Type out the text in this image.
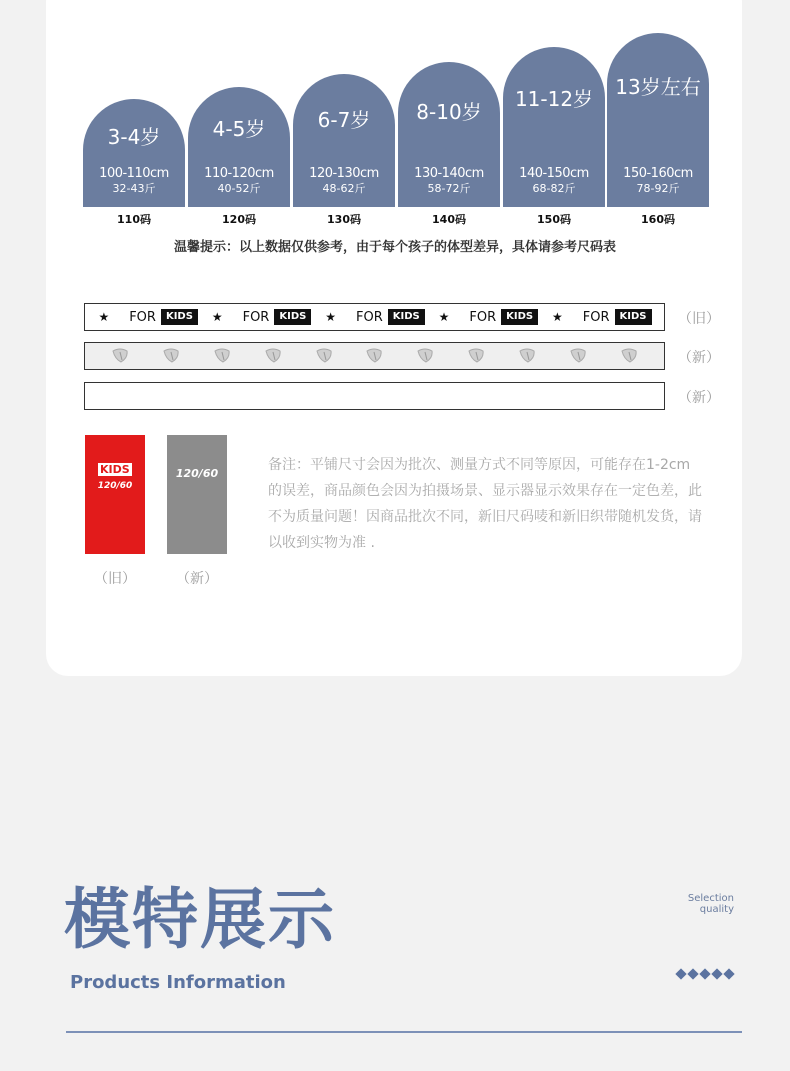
3-4岁
100-110cm
32-43斤
110码
4-5岁
110-120cm
40-52斤
120码
6-7岁
120-130cm
48-62斤
130码
8-10岁
130-140cm
58-72斤
140码
11-12岁
140-150cm
68-82斤
150码
13岁左右
150-160cm
78-92斤
160码
温馨提示：以上数据仅供参考，由于每个孩子的体型差异，具体请参考尺码表
★ FOR	KIDS	★ FOR	KIDS	★ FOR	KIDS	★ FOR	KIDS	★ FOR	KIDS （旧）
（新）
（新）
KIDS
120/60
120/60
（旧）	（新）
备注：平铺尺寸会因为批次、测量方式不同等原因，可能存在1-2cm 的误差，商品颜色会因为拍摄场景、显示器显示效果存在一定色差，此不为质量问题！因商品批次不同，新旧尺码唛和新旧织带随机发货，请以收到实物为准 .
模特展示	Selection
quality
Products Information
